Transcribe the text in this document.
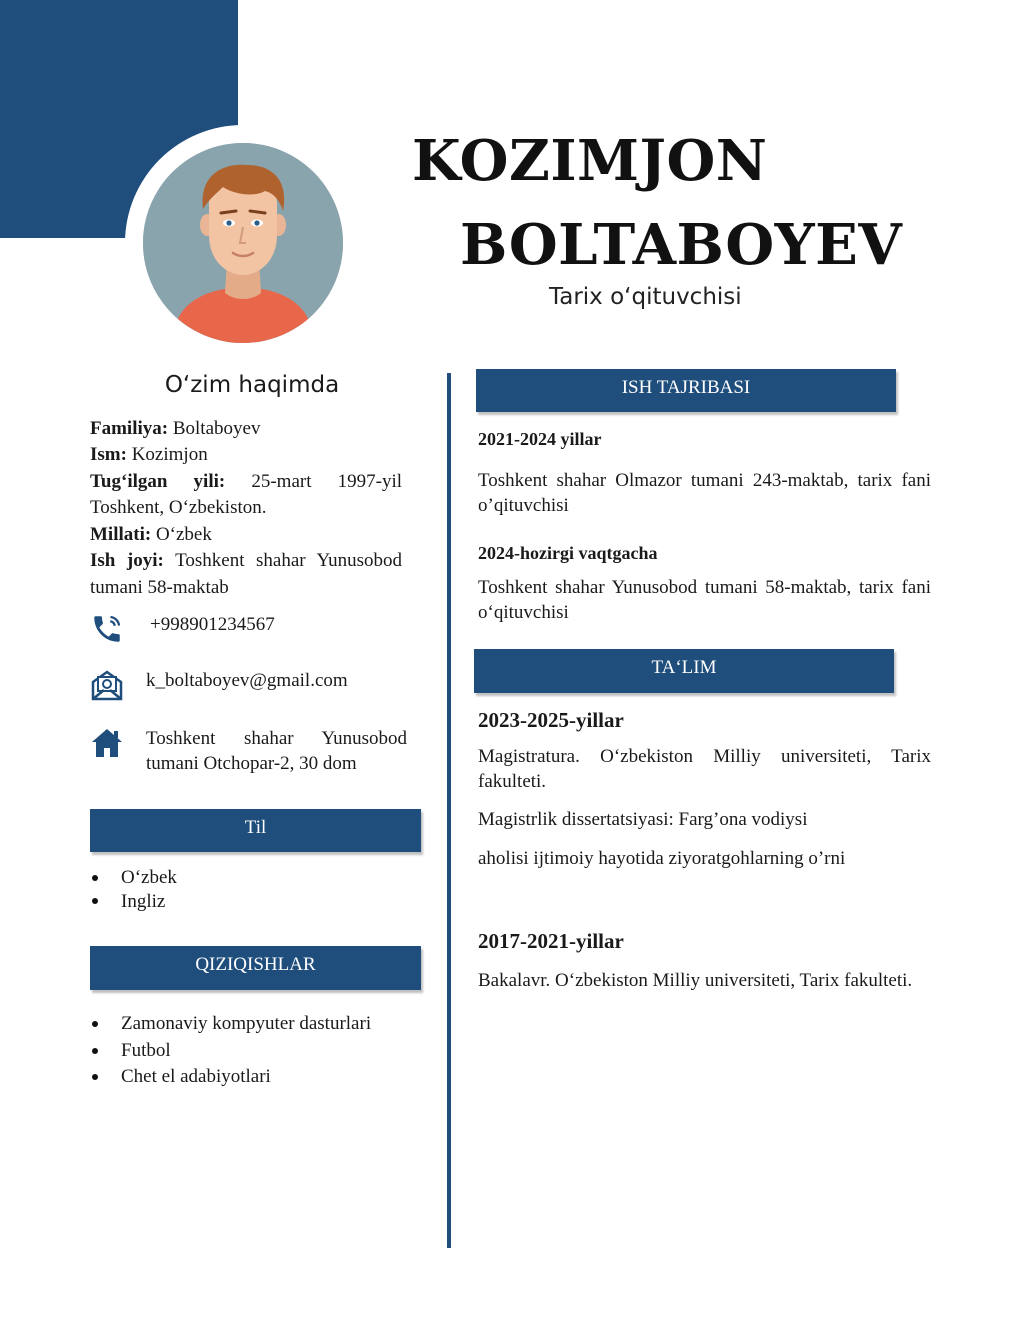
KOZIMJON
BOLTABOYEV
Tarix o‘qituvchisi
O‘zim haqimda

Familiya: Boltaboyev

Ism: Kozimjon

Tug‘ilgan yili: 25-mart 1997-yil Toshkent, O‘zbekiston.

Millati: O‘zbek

Ish joyi: Toshkent shahar Yunusobod tumani 58-maktab

+998901234567
k_boltaboyev@gmail.com
Toshkent shahar Yunusobod
tumani Otchopar-2, 30 dom
Til
O‘zbek
Ingliz
QIZIQISHLAR
Zamonaviy kompyuter dasturlari
Futbol
Chet el adabiyotlari
ISH TAJRIBASI

2021-2024 yillar

Toshkent shahar Olmazor tumani 243-maktab, tarix fani o’qituvchisi

2024-hozirgi vaqtgacha

Toshkent shahar Yunusobod tumani 58-maktab, tarix fani o‘qituvchisi

TA‘LIM

2023-2025-yillar

Magistratura. O‘zbekiston Milliy universiteti, Tarix fakulteti.

Magistrlik dissertatsiyasi: Farg’ona vodiysi

aholisi ijtimoiy hayotida ziyoratgohlarning o’rni

2017-2021-yillar

Bakalavr. O‘zbekiston Milliy universiteti, Tarix fakulteti.
